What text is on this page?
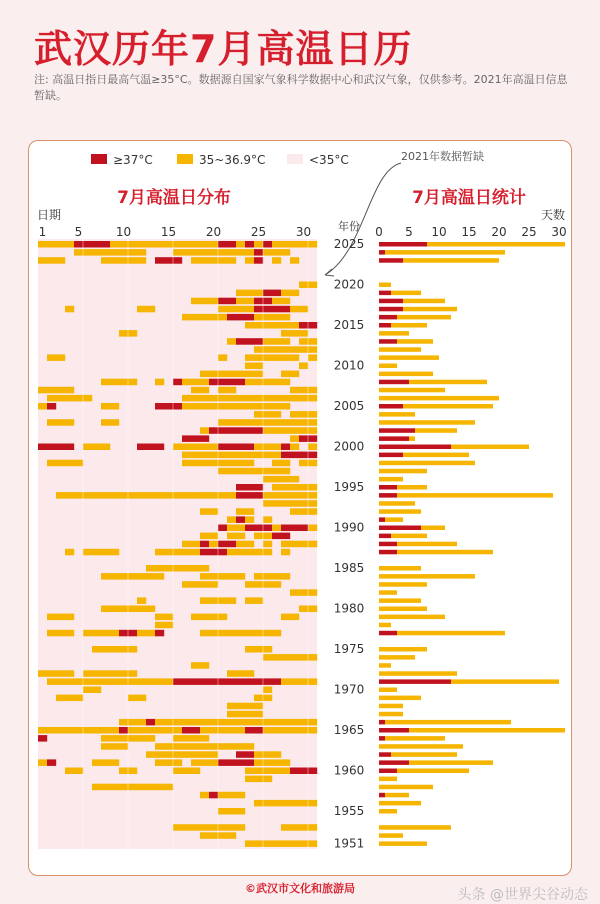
武汉历年7月高温日历
注: 高温日指日最高气温≥35°C。数据源自国家气象科学数据中心和武汉气象，仅供参考。2021年高温日信息暂缺。
≥37°C	35~36.9°C	<35°C	2021年数据暂缺
7月高温日分布	7月高温日统计
日期
1 5	10 15 20 25 30 年份
天数
0 5 10 15 20 25 30
2025
2020
2015
2010
2005
2000
1995
1990
1985
1980
1975
1970
1965
1960
1955
1951
©武汉市文化和旅游局	头条 @世界尖谷动态
